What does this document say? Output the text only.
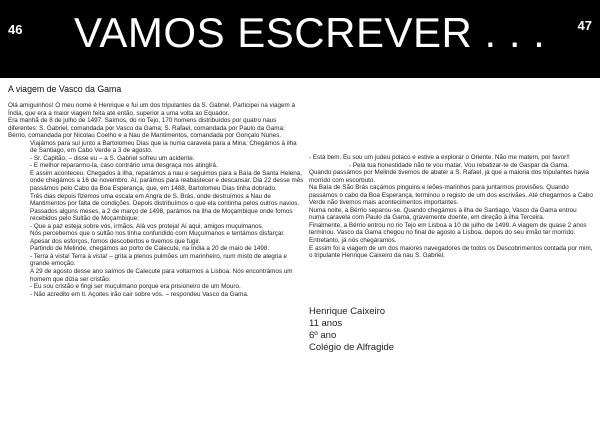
46 VAMOS ESCREVER . . . 47
A viagem de Vasco da Gama

Olá amiguinhos! O meu nome é Henrique e fui um dos tripulantes da S. Gabriel. Participei na viagem à Índia, que era a maior viagem feita até então, superior a uma volta ao Equador.

Era manhã de 8 de julho de 1497. Saímos, do rio Tejo, 170 homens distribuídos por quatro naus diferentes: S. Gabriel, comandada por Vasco da Gama; S. Rafael, comandada por Paulo da Gama; Bérrio, comandada por Nicolau Coelho e a Nau de Mantimentos, comandada por Gonçalo Nunes.

Viajámos para sul junto a Bartolomeu Dias que ia numa caravela para a Mina. Chegámos à ilha de Santiago, em Cabo Verde a 3 de agosto.

- Sr. Capitão, – disse eu – a S. Gabriel sofreu um acidente.

- E melhor repararmo-la, caso contrário uma desgraça nos atingirá.

E assim aconteceu. Chegados à ilha, reparámos a nau e seguimos para a Baía de Santa Helena, onde chegámos a 16 de novembro. Aí, parámos para reabastecer e descansar. Dia 22 desse mês passámos pelo Cabo da Boa Esperança, que, em 1488, Bartolomeu Dias tinha dobrado.

Três dias depois fizemos uma escala em Angra de S. Brás, onde destruímos a Nau de Mantimentos por falta de condições. Depois distribuímos o que ela continha pelos outros navios.

Passados alguns meses, a 2 de março de 1498, parámos na ilha de Moçambique onde fomos recebidos pelo Sultão de Moçambique:

- Que a paz esteja sobre vós, irmãos. Alá vos proteja! Aí aqui, amigos muçulmanos.

Nós percebemos que o sultão nos tinha confundido com Muçulmanos e tentámos disfarçar. Apesar dos esforços, fomos descobertos e tivemos que fugir.

Partindo de Melinde, chegámos ao porto de Calecute, na Índia a 20 de maio de 1498.

- Terra à vista! Terra à vista! – grita a plenos pulmões um marinheiro, num misto de alegria e grande emoção.

A 29 de agosto desse ano saímos de Calecute para voltarmos a Lisboa. Nós encontrámos um homem que dizia ser cristão:

- Eu sou cristão e fingi ser muçulmano porque era prisioneiro de um Mouro.

- Não acredito em ti. Açoites irão cair sobre vós. – respondeu Vasco da Gama.

- Está bem. Eu sou um judeu polaco e estive a explorar o Oriente. Não me matem, por favor!!

- Pela tua honestidade não te vou matar. Vou rebatizar-te de Gaspar da Gama.

Quando passámos por Melinde tivemos de abater a S. Rafael, já que a maioria dos tripulantes havia morrido com escorbuto.

Na Baía de São Brás caçámos pinguins e leões-marinhos para juntarmos provisões. Quando passámos o cabo da Boa Esperança, terminou o registo de um dos escrivães. Até chegarmos a Cabo Verde não tivemos mais acontecimentos importantes.

Numa noite, a Bérrio separou-se. Quando chegámos à ilha de Santiago, Vasco da Gama entrou numa caravela com Paulo da Gama, gravemente doente, em direção à ilha Terceira.

Finalmente, a Bérrio entrou no rio Tejo em Lisboa a 10 de julho de 1499. A viagem de quase 2 anos terminou. Vasco da Gama chegou no final de agosto a Lisboa, depois do seu irmão ter morrido. Entretanto, já nós chegáramos.

E assim foi a viagem de um dos maiores navegadores de todos os Descobrimentos contada por mim, o tripulante Henrique Caixeiro da nau S. Gabriel.

Henrique Caixeiro
11 anos
6º ano
Colégio de Alfragide
